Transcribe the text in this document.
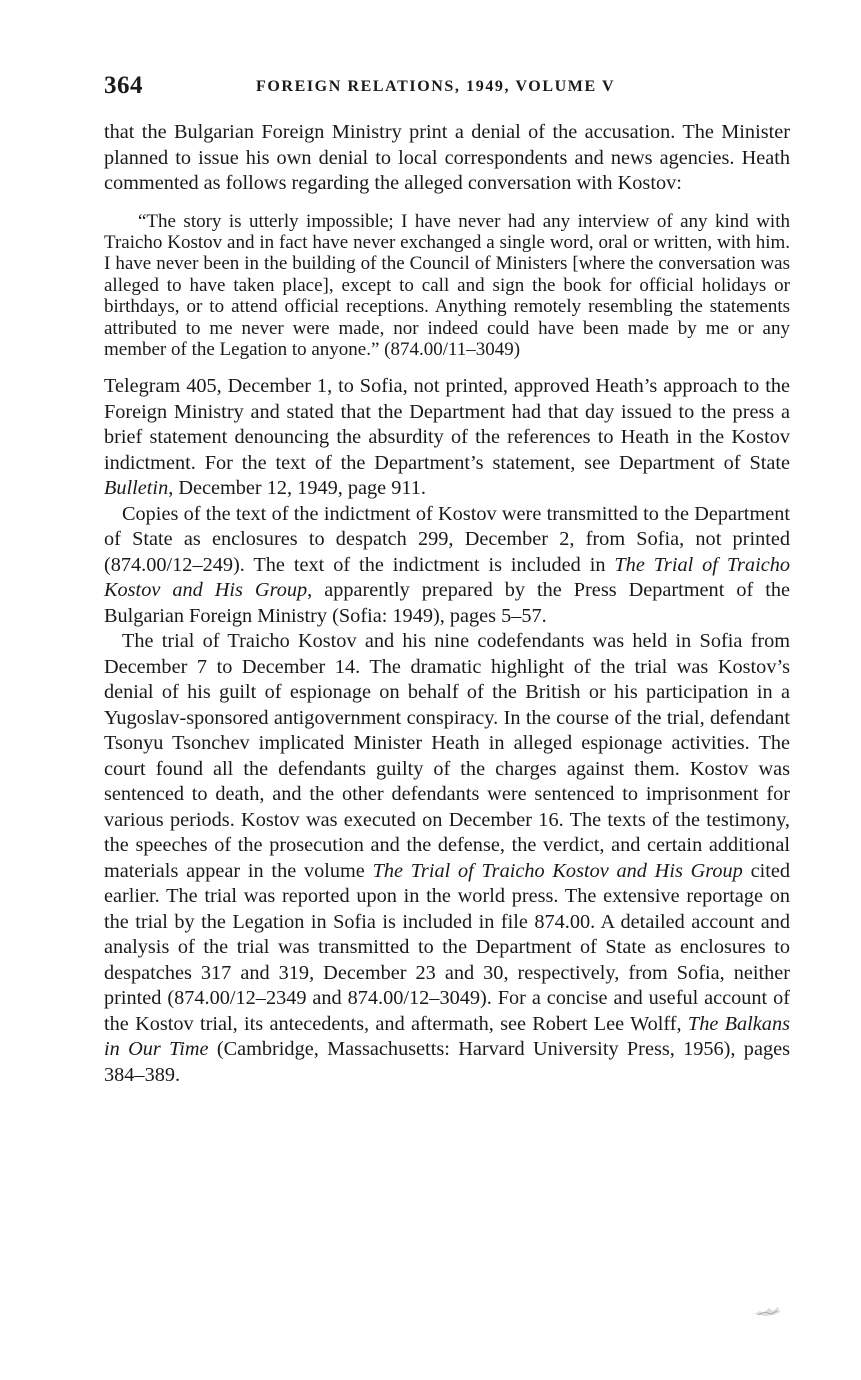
364	FOREIGN RELATIONS, 1949, VOLUME V

that the Bulgarian Foreign Ministry print a denial of the accusation. The Minister planned to issue his own denial to local correspondents and news agencies. Heath commented as follows regarding the alleged conversation with Kostov:

“The story is utterly impossible; I have never had any interview of any kind with Traicho Kostov and in fact have never exchanged a single word, oral or written, with him. I have never been in the building of the Council of Ministers [where the conversation was alleged to have taken place], except to call and sign the book for official holidays or birthdays, or to attend official receptions. Anything remotely resembling the statements attributed to me never were made, nor indeed could have been made by me or any member of the Legation to anyone.” (874.00/11–3049)

Telegram 405, December 1, to Sofia, not printed, approved Heath’s approach to the Foreign Ministry and stated that the Department had that day issued to the press a brief statement denouncing the absurdity of the references to Heath in the Kostov indictment. For the text of the Department’s statement, see Department of State Bulletin, December 12, 1949, page 911.

Copies of the text of the indictment of Kostov were transmitted to the Department of State as enclosures to despatch 299, December 2, from Sofia, not printed (874.00/12–249). The text of the indictment is included in The Trial of Traicho Kostov and His Group, apparently prepared by the Press Department of the Bulgarian Foreign Ministry (Sofia: 1949), pages 5–57.

The trial of Traicho Kostov and his nine codefendants was held in Sofia from December 7 to December 14. The dramatic highlight of the trial was Kostov’s denial of his guilt of espionage on behalf of the British or his participation in a Yugoslav-sponsored antigovernment conspiracy. In the course of the trial, defendant Tsonyu Tsonchev implicated Minister Heath in alleged espionage activities. The court found all the defendants guilty of the charges against them. Kostov was sentenced to death, and the other defendants were sentenced to imprisonment for various periods. Kostov was executed on December 16. The texts of the testimony, the speeches of the prosecution and the defense, the verdict, and certain additional materials appear in the volume The Trial of Traicho Kostov and His Group cited earlier. The trial was reported upon in the world press. The extensive reportage on the trial by the Legation in Sofia is included in file 874.00. A detailed account and analysis of the trial was transmitted to the Department of State as enclosures to despatches 317 and 319, December 23 and 30, respectively, from Sofia, neither printed (874.00/12–2349 and 874.00/12–3049). For a concise and useful account of the Kostov trial, its antecedents, and aftermath, see Robert Lee Wolff, The Balkans in Our Time (Cambridge, Massachusetts: Harvard University Press, 1956), pages 384–389.
